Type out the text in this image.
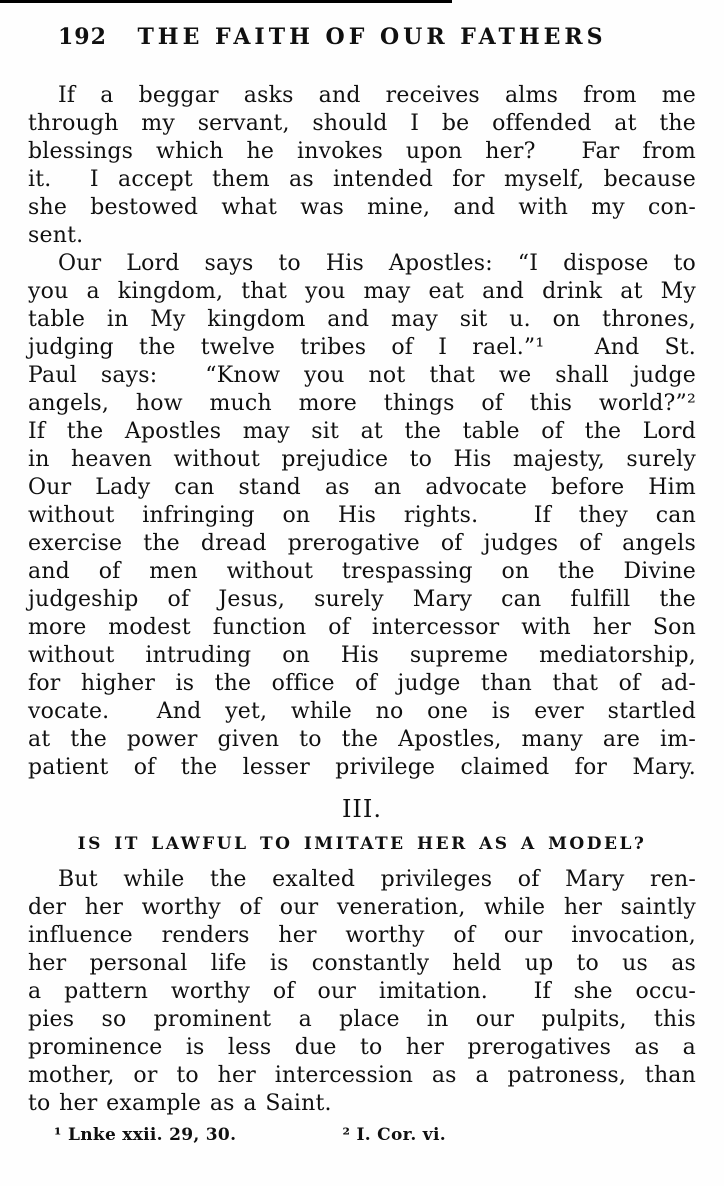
192	THE FAITH OF OUR FATHERS
If a beggar asks and receives alms from me
through my servant, should I be offended at the
blessings which he invokes upon her?  Far from
it.  I accept them as intended for myself, because
she bestowed what was mine, and with my con-
sent.
Our Lord says to His Apostles: “I dispose to
you a kingdom, that you may eat and drink at My
table in My kingdom and may sit u. on thrones,
judging the twelve tribes of I rael.”¹  And St.
Paul says:  “Know you not that we shall judge
angels, how much more things of this world?”²
If the Apostles may sit at the table of the Lord
in heaven without prejudice to His majesty, surely
Our Lady can stand as an advocate before Him
without infringing on His rights.  If they can
exercise the dread prerogative of judges of angels
and of men without trespassing on the Divine
judgeship of Jesus, surely Mary can fulfill the
more modest function of intercessor with her Son
without intruding on His supreme mediatorship,
for higher is the office of judge than that of ad-
vocate.  And yet, while no one is ever startled
at the power given to the Apostles, many are im-
patient of the lesser privilege claimed for Mary.
III.
IS IT LAWFUL TO IMITATE HER AS A MODEL?
But while the exalted privileges of Mary ren-
der her worthy of our veneration, while her saintly
influence renders her worthy of our invocation,
her personal life is constantly held up to us as
a pattern worthy of our imitation.  If she occu-
pies so prominent a place in our pulpits, this
prominence is less due to her prerogatives as a
mother, or to her intercession as a patroness, than
to her example as a Saint.
¹ Lnke xxii. 29, 30.	² I. Cor. vi.
